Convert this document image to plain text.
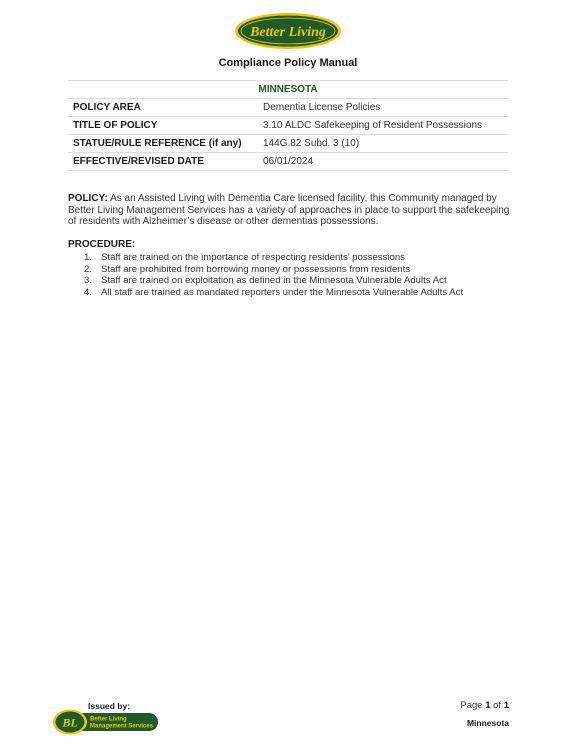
Better Living
Compliance Policy Manual
MINNESOTA	
POLICY AREA	Dementia License Policies
TITLE OF POLICY	3.10 ALDC Safekeeping of Resident Possessions
STATUE/RULE REFERENCE (if any)	144G.82 Subd. 3 (10)
EFFECTIVE/REVISED DATE	06/01/2024

POLICY: As an Assisted Living with Dementia Care licensed facility, this Community managed by Better Living Management Services has a variety of approaches in place to support the safekeeping of residents with Alzheimer’s disease or other dementias possessions.

PROCEDURE:
1. Staff are trained on the importance of respecting residents’ possessions
2. Staff are prohibited from borrowing money or possessions from residents
3. Staff are trained on exploitation as defined in the Minnesota Vulnerable Adults Act
4. All staff are trained as mandated reporters under the Minnesota Vulnerable Adults Act
Issued by:
BL Better Living
Management Services
Page 1 of 1
Minnesota
